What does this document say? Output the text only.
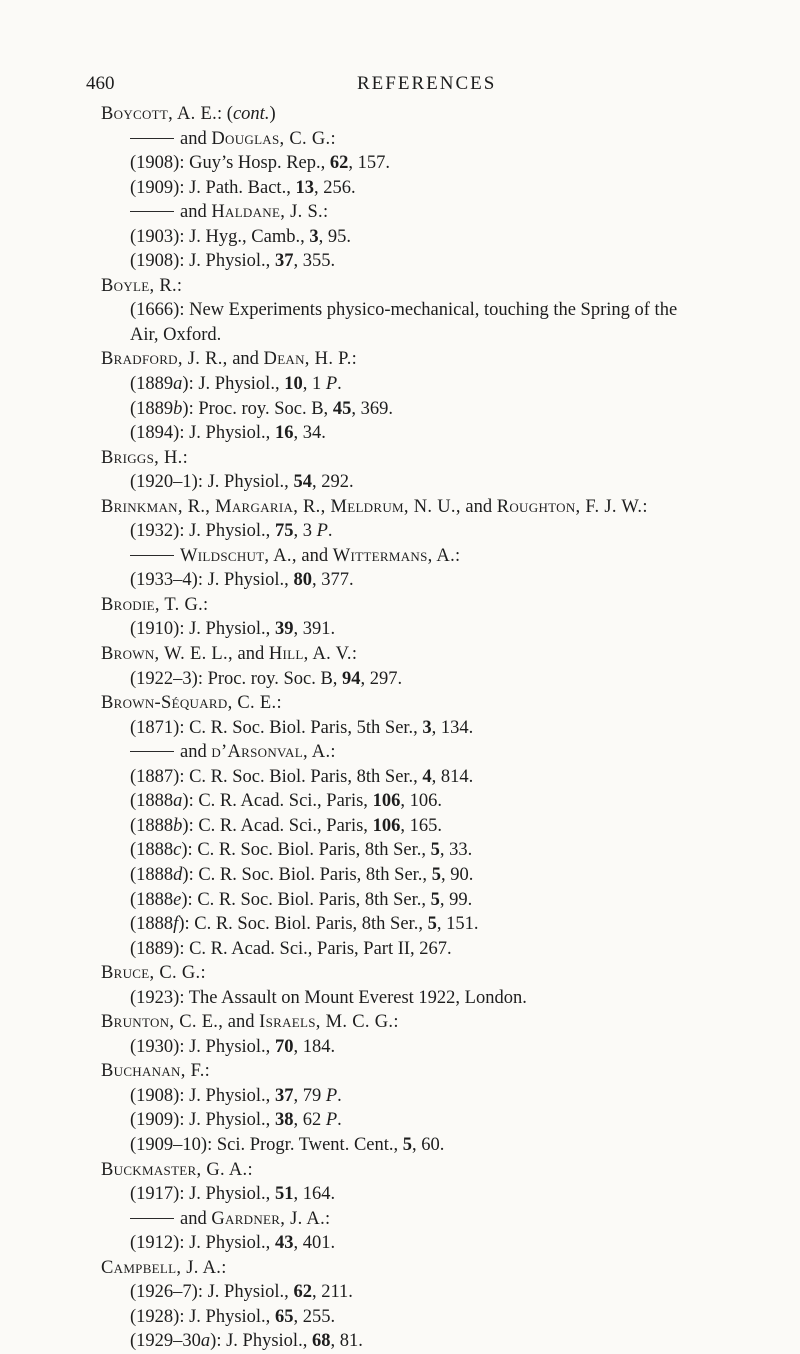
460	REFERENCES
Boycott, A. E.: (cont.)
and Douglas, C. G.:
(1908): Guy’s Hosp. Rep., 62, 157.
(1909): J. Path. Bact., 13, 256.
and Haldane, J. S.:
(1903): J. Hyg., Camb., 3, 95.
(1908): J. Physiol., 37, 355.
Boyle, R.:
(1666): New Experiments physico-mechanical, touching the Spring of the
Air, Oxford.
Bradford, J. R., and Dean, H. P.:
(1889a): J. Physiol., 10, 1 P.
(1889b): Proc. roy. Soc. B, 45, 369.
(1894): J. Physiol., 16, 34.
Briggs, H.:
(1920–1): J. Physiol., 54, 292.
Brinkman, R., Margaria, R., Meldrum, N. U., and Roughton, F. J. W.:
(1932): J. Physiol., 75, 3 P.
Wildschut, A., and Wittermans, A.:
(1933–4): J. Physiol., 80, 377.
Brodie, T. G.:
(1910): J. Physiol., 39, 391.
Brown, W. E. L., and Hill, A. V.:
(1922–3): Proc. roy. Soc. B, 94, 297.
Brown-Séquard, C. E.:
(1871): C. R. Soc. Biol. Paris, 5th Ser., 3, 134.
and d’Arsonval, A.:
(1887): C. R. Soc. Biol. Paris, 8th Ser., 4, 814.
(1888a): C. R. Acad. Sci., Paris, 106, 106.
(1888b): C. R. Acad. Sci., Paris, 106, 165.
(1888c): C. R. Soc. Biol. Paris, 8th Ser., 5, 33.
(1888d): C. R. Soc. Biol. Paris, 8th Ser., 5, 90.
(1888e): C. R. Soc. Biol. Paris, 8th Ser., 5, 99.
(1888f): C. R. Soc. Biol. Paris, 8th Ser., 5, 151.
(1889): C. R. Acad. Sci., Paris, Part II, 267.
Bruce, C. G.:
(1923): The Assault on Mount Everest 1922, London.
Brunton, C. E., and Israels, M. C. G.:
(1930): J. Physiol., 70, 184.
Buchanan, F.:
(1908): J. Physiol., 37, 79 P.
(1909): J. Physiol., 38, 62 P.
(1909–10): Sci. Progr. Twent. Cent., 5, 60.
Buckmaster, G. A.:
(1917): J. Physiol., 51, 164.
and Gardner, J. A.:
(1912): J. Physiol., 43, 401.
Campbell, J. A.:
(1926–7): J. Physiol., 62, 211.
(1928): J. Physiol., 65, 255.
(1929–30a): J. Physiol., 68, 81.
